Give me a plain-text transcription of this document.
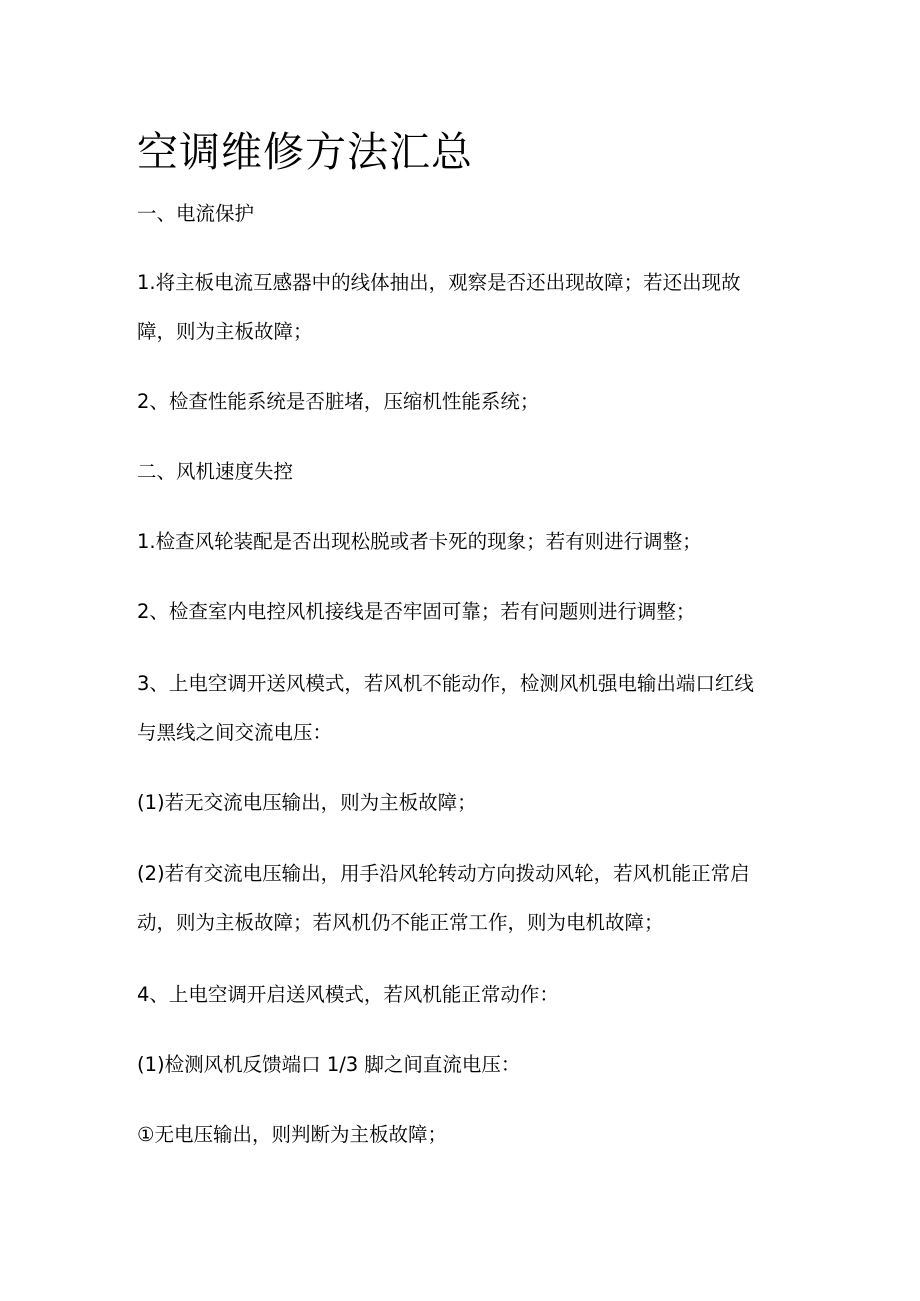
空调维修方法汇总

一、电流保护

1.将主板电流互感器中的线体抽出，观察是否还出现故障；若还出现故

障，则为主板故障；

2、检查性能系统是否脏堵，压缩机性能系统；

二、风机速度失控

1.检查风轮装配是否出现松脱或者卡死的现象；若有则进行调整；

2、检查室内电控风机接线是否牢固可靠；若有问题则进行调整；

3、上电空调开送风模式，若风机不能动作，检测风机强电输出端口红线

与黑线之间交流电压：

(1)若无交流电压输出，则为主板故障；

(2)若有交流电压输出，用手沿风轮转动方向拨动风轮，若风机能正常启

动，则为主板故障；若风机仍不能正常工作，则为电机故障；

4、上电空调开启送风模式，若风机能正常动作：

(1)检测风机反馈端口 1/3 脚之间直流电压：

①无电压输出，则判断为主板故障；
